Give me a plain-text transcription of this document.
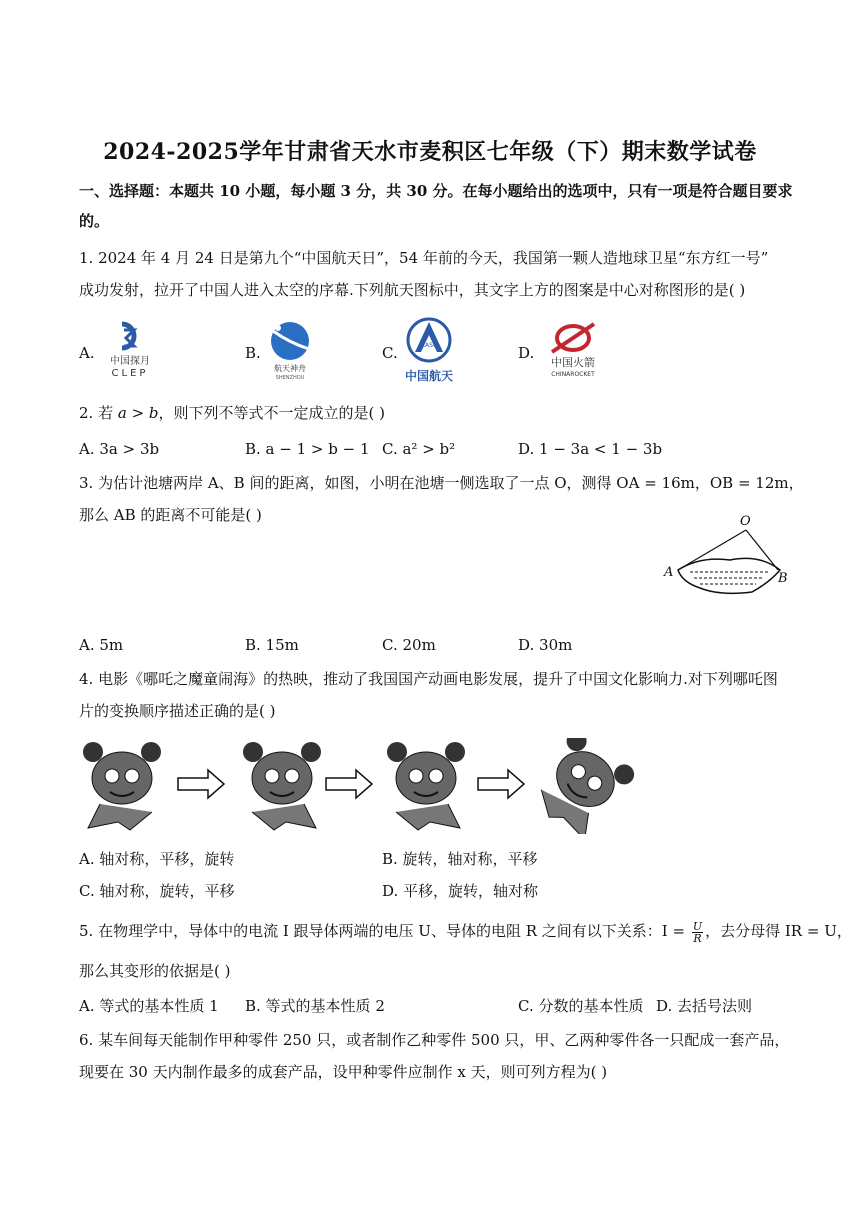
2024-2025学年甘肃省天水市麦积区七年级（下）期末数学试卷
一、选择题：本题共 10 小题，每小题 3 分，共 30 分。在每小题给出的选项中，只有一项是符合题目要求
的。
1. 2024 年 4 月 24 日是第九个“中国航天日”，54 年前的今天，我国第一颗人造地球卫星“东方红一号”
成功发射，拉开了中国人进入太空的序幕.下列航天图标中，其文字上方的图案是中心对称图形的是( )
A.	B.	C.	D.
中国探月
CLEP	航天神舟
SHENZHOU
CASC
中国航天
中国火箭
CHINAROCKET
2. 若 a > b，则下列不等式不一定成立的是( )
A. 3a > 3b	B. a − 1 > b − 1 C. a² > b²	D. 1 − 3a < 1 − 3b
3. 为估计池塘两岸 A、B 间的距离，如图，小明在池塘一侧选取了一点 O，测得 OA = 16m，OB = 12m，
那么 AB 的距离不可能是( )	O
A	B
A. 5m	B. 15m	C. 20m	D. 30m
4. 电影《哪吒之魔童闹海》的热映，推动了我国国产动画电影发展，提升了中国文化影响力.对下列哪吒图
片的变换顺序描述正确的是( )
A. 轴对称，平移，旋转	B. 旋转，轴对称，平移
C. 轴对称，旋转，平移	D. 平移，旋转，轴对称
5. 在物理学中，导体中的电流 I 跟导体两端的电压 U、导体的电阻 R 之间有以下关系：$I = \frac{U}{R}$ ，去分母得 IR = U，
那么其变形的依据是( )
A. 等式的基本性质 1 B. 等式的基本性质 2	C. 分数的基本性质 D. 去括号法则
6. 某车间每天能制作甲种零件 250 只，或者制作乙种零件 500 只，甲、乙两种零件各一只配成一套产品，
现要在 30 天内制作最多的成套产品，设甲种零件应制作 x 天，则可列方程为( )
